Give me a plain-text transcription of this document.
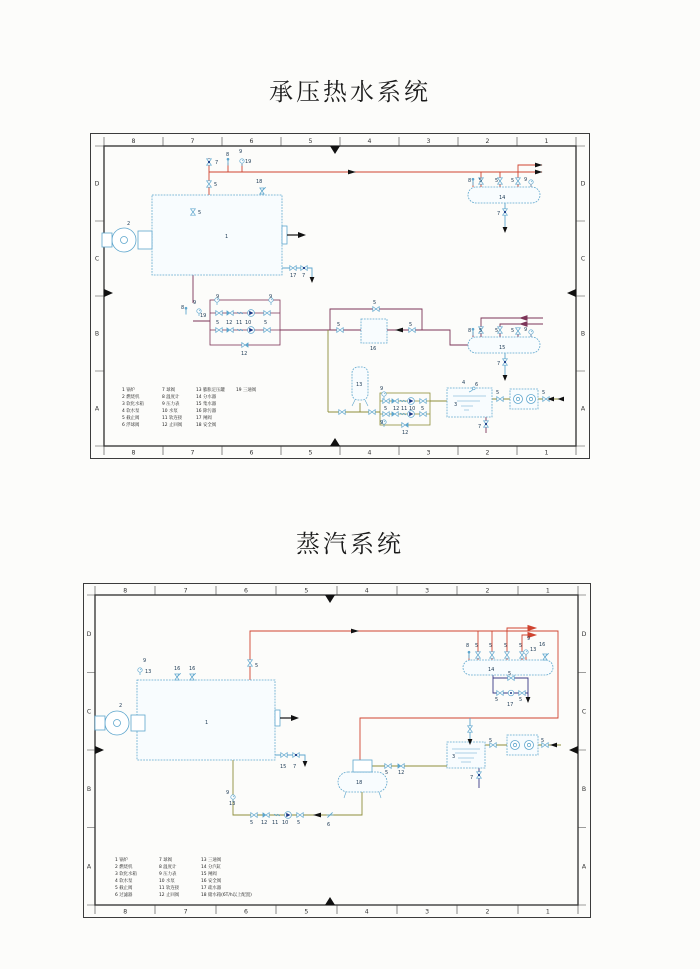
承压热水系统
8
8
7
7
6
6
5
5
4
4
3
3
2
2
1
1
D	D
C	C
B	B
A	A
1
2
5
5
7
8 9
19
18
17 7
14
8 5	5	5 9
7
15
8 5	5	5 9
7
8
9
19
9	9
5 12 11 10	5
12
5	5
5
16
13
9
9
5 12 11 10 5
12
3
4 6
5	5
7
1 锅炉
2 燃烧机
3 软化水箱
4 软水泵
5 截止阀
6 浮球阀
7 球阀
8 温度计
9 压力表
10 水泵
11 软连接
12 止回阀
13 膨胀定压罐
14 分水器
15 集水器
16 除污器
17 闸阀
18 安全阀
19 三通阀
蒸汽系统
8
8
7
7
6
6
5
5
4
4
3
3
2
2
1
1
D	D
C	C
B	B
A	A
1
2
9
13	16 16	5
15 7
14
8 5 5 5 5
9
13
16
5
5
17
5
18
5 12
3
7
5	5
6
5 12 11 10 5
9
13
1 锅炉
2 燃烧机
3 软化水箱
4 软水泵
5 截止阀
6 过滤器
7 球阀
8 温度计
9 压力表
10 水泵
11 软连接
12 止回阀
13 三通阀
14 分汽缸
15 闸阀
16 安全阀
17 疏水器
18 储水箱(6T/h以上配置)
